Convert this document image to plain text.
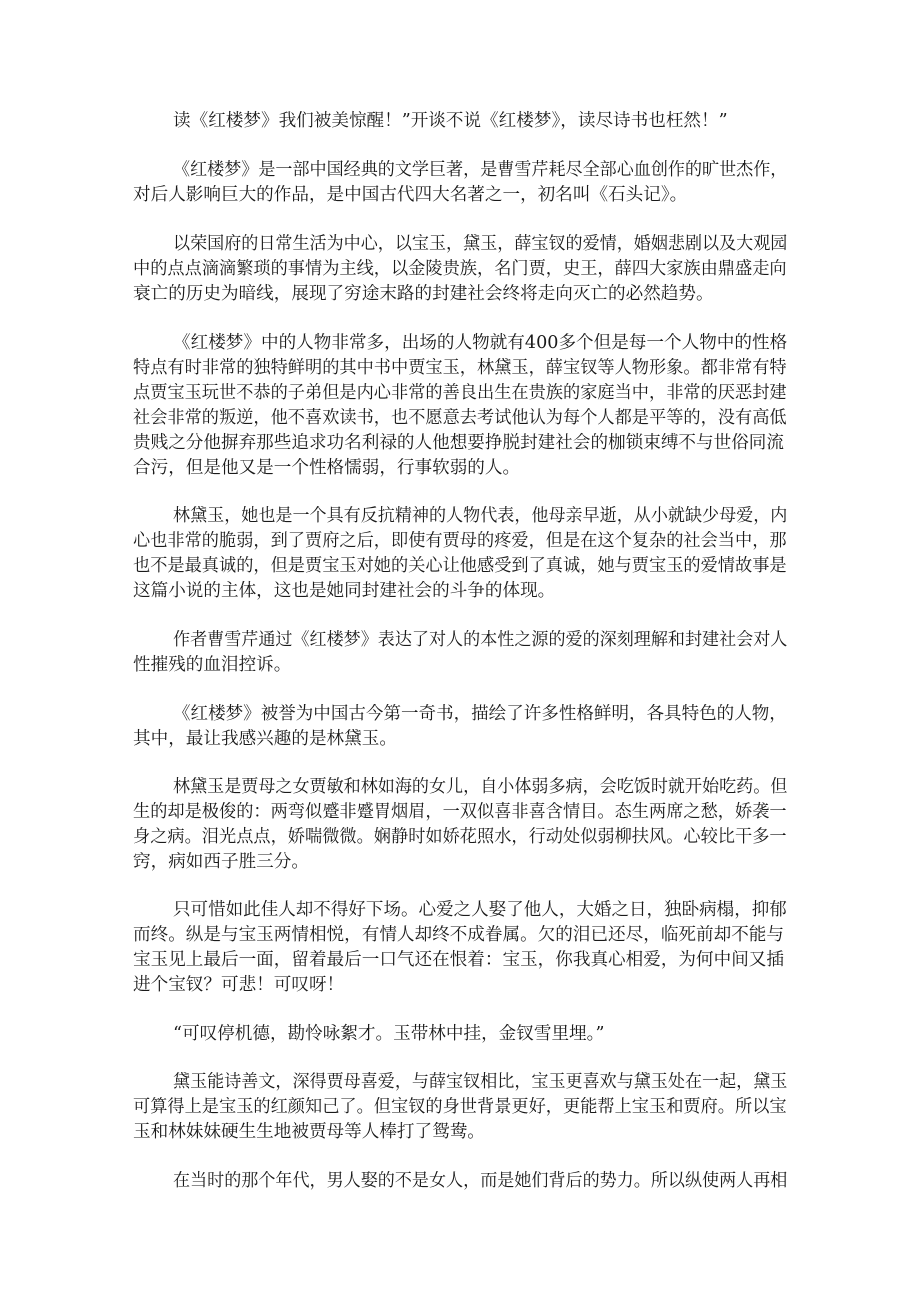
读《红楼梦》我们被美惊醒！”开谈不说《红楼梦》，读尽诗书也枉然！”
《红楼梦》是一部中国经典的文学巨著，是曹雪芹耗尽全部心血创作的旷世杰作，
对后人影响巨大的作品，是中国古代四大名著之一，初名叫《石头记》。
以荣国府的日常生活为中心，以宝玉，黛玉，薛宝钗的爱情，婚姻悲剧以及大观园
中的点点滴滴繁琐的事情为主线，以金陵贵族，名门贾，史王，薛四大家族由鼎盛走向
衰亡的历史为暗线，展现了穷途末路的封建社会终将走向灭亡的必然趋势。
《红楼梦》中的人物非常多，出场的人物就有400多个但是每一个人物中的性格
特点有时非常的独特鲜明的其中书中贾宝玉，林黛玉，薛宝钗等人物形象。都非常有特
点贾宝玉玩世不恭的子弟但是内心非常的善良出生在贵族的家庭当中，非常的厌恶封建
社会非常的叛逆，他不喜欢读书，也不愿意去考试他认为每个人都是平等的，没有高低
贵贱之分他摒弃那些追求功名利禄的人他想要挣脱封建社会的枷锁束缚不与世俗同流
合污，但是他又是一个性格懦弱，行事软弱的人。
林黛玉，她也是一个具有反抗精神的人物代表，他母亲早逝，从小就缺少母爱，内
心也非常的脆弱，到了贾府之后，即使有贾母的疼爱，但是在这个复杂的社会当中，那
也不是最真诚的，但是贾宝玉对她的关心让他感受到了真诚，她与贾宝玉的爱情故事是
这篇小说的主体，这也是她同封建社会的斗争的体现。
作者曹雪芹通过《红楼梦》表达了对人的本性之源的爱的深刻理解和封建社会对人
性摧残的血泪控诉。
《红楼梦》被誉为中国古今第一奇书，描绘了许多性格鲜明，各具特色的人物，
其中，最让我感兴趣的是林黛玉。
林黛玉是贾母之女贾敏和林如海的女儿，自小体弱多病，会吃饭时就开始吃药。但
生的却是极俊的：两弯似蹙非蹙胃烟眉，一双似喜非喜含情目。态生两席之愁，娇袭一
身之病。泪光点点，娇喘微微。娴静时如娇花照水，行动处似弱柳扶风。心较比干多一
窍，病如西子胜三分。
只可惜如此佳人却不得好下场。心爱之人娶了他人，大婚之日，独卧病榻，抑郁
而终。纵是与宝玉两情相悦，有情人却终不成眷属。欠的泪已还尽，临死前却不能与
宝玉见上最后一面，留着最后一口气还在恨着：宝玉，你我真心相爱，为何中间又插
进个宝钗？可悲！可叹呀！
“可叹停机德，勘怜咏絮才。玉带林中挂，金钗雪里埋。”
黛玉能诗善文，深得贾母喜爱，与薛宝钗相比，宝玉更喜欢与黛玉处在一起，黛玉
可算得上是宝玉的红颜知己了。但宝钗的身世背景更好，更能帮上宝玉和贾府。所以宝
玉和林妹妹硬生生地被贾母等人棒打了鸳鸯。
在当时的那个年代，男人娶的不是女人，而是她们背后的势力。所以纵使两人再相
